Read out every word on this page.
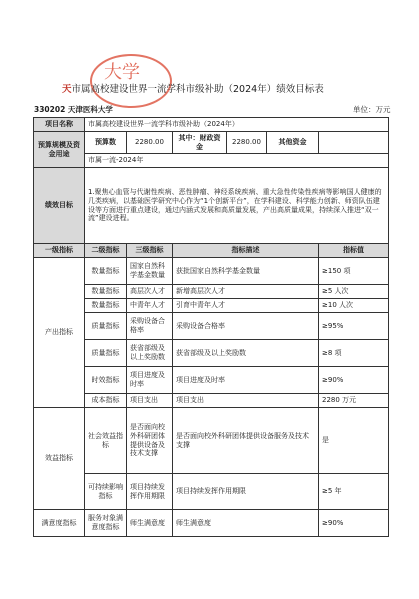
大学
天市属高校建设世界一流学科市级补助（2024年）绩效目标表
330202 天津医科大学	单位：万元
项目名称	市属高校建设世界一流学科市级补助（2024年）					
预算规模及资金用途	预算数	2280.00	其中：财政资金	2280.00	其他资金	
	市属一流-2024年					
绩效目标	1.聚焦心血管与代谢性疾病、恶性肿瘤、神经系统疾病、重大急性传染性疾病等影响国人健康的几类疾病，以基础医学研究中心作为“1个创新平台”，在学科建设、科学能力创新、师资队伍建设等方面进行重点建设，通过内涵式发展和高质量发展，产出高质量成果，持续深入推进“双一流”建设进程。					
一级指标	二级指标	三级指标	指标描述			指标值
产出指标	数量指标	国家自然科学基金数量	获批国家自然科学基金数量			≥150 项
	数量指标	高层次人才	新增高层次人才			≥5 人次
	数量指标	中青年人才	引育中青年人才			≥10 人次
	质量指标	采购设备合格率	采购设备合格率			≥95%
	质量指标	获省部级及以上奖励数	获省部级及以上奖励数			≥8 项
	时效指标	项目进度及时率	项目进度及时率			≥90%
	成本指标	项目支出	项目支出			2280 万元
效益指标	社会效益指标	是否面向校外科研团体提供设备及技术支撑	是否面向校外科研团体提供设备服务及技术支撑			是
	可持续影响指标	项目持续发挥作用期限	项目持续发挥作用期限			≥5 年
满意度指标	服务对象满意度指标	师生满意度	师生满意度			≥90%
